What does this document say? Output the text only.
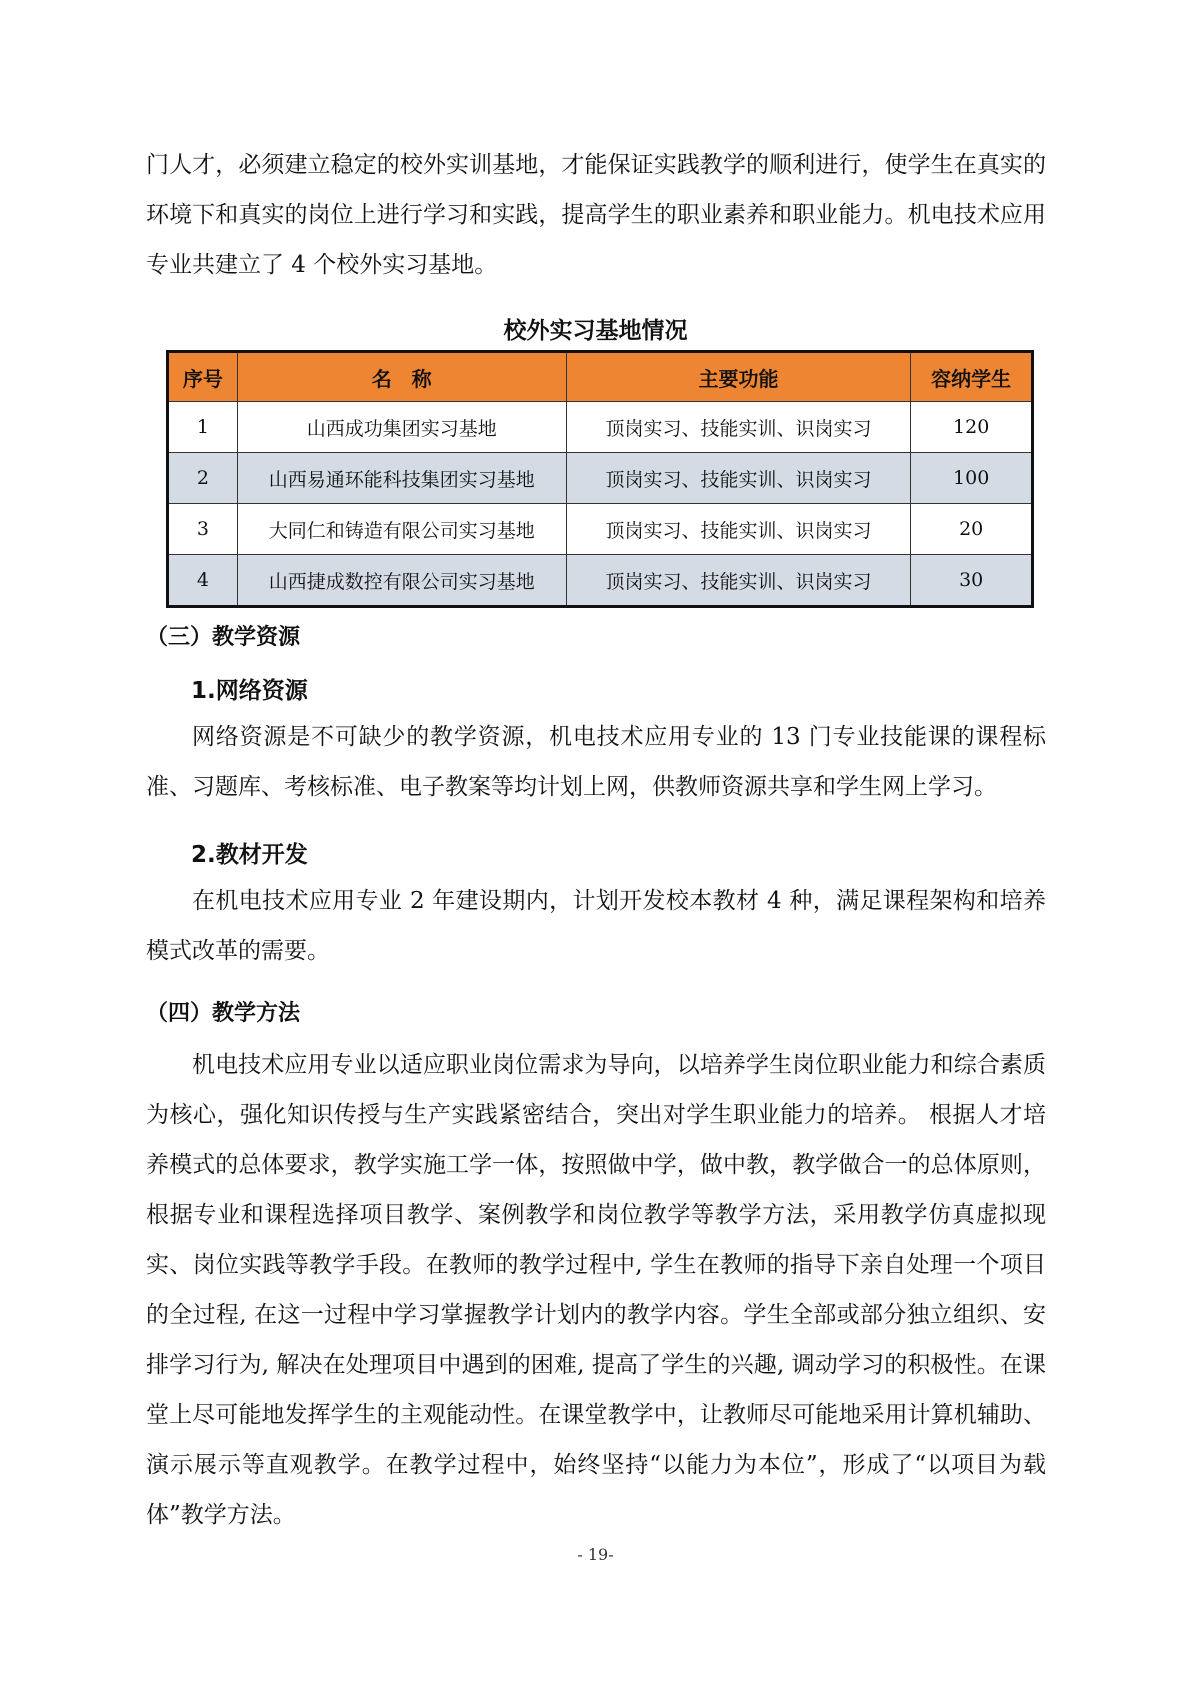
门人才，必须建立稳定的校外实训基地，才能保证实践教学的顺利进行，使学生在真实的环境下和真实的岗位上进行学习和实践，提高学生的职业素养和职业能力。机电技术应用专业共建立了 4 个校外实习基地。

校外实习基地情况
序号	名　称	主要功能	容纳学生
1	山西成功集团实习基地	顶岗实习、技能实训、识岗实习	120
2	山西易通环能科技集团实习基地	顶岗实习、技能实训、识岗实习	100
3	大同仁和铸造有限公司实习基地	顶岗实习、技能实训、识岗实习	20
4	山西捷成数控有限公司实习基地	顶岗实习、技能实训、识岗实习	30
（三）教学资源
1.网络资源

网络资源是不可缺少的教学资源，机电技术应用专业的 13 门专业技能课的课程标准、习题库、考核标准、电子教案等均计划上网，供教师资源共享和学生网上学习。

2.教材开发

在机电技术应用专业 2 年建设期内，计划开发校本教材 4 种，满足课程架构和培养模式改革的需要。

（四）教学方法

机电技术应用专业以适应职业岗位需求为导向，以培养学生岗位职业能力和综合素质为核心，强化知识传授与生产实践紧密结合，突出对学生职业能力的培养。 根据人才培养模式的总体要求，教学实施工学一体，按照做中学，做中教，教学做合一的总体原则，根据专业和课程选择项目教学、案例教学和岗位教学等教学方法，采用教学仿真虚拟现实、岗位实践等教学手段。在教师的教学过程中, 学生在教师的指导下亲自处理一个项目的全过程, 在这一过程中学习掌握教学计划内的教学内容。学生全部或部分独立组织、安排学习行为, 解决在处理项目中遇到的困难, 提高了学生的兴趣, 调动学习的积极性。在课堂上尽可能地发挥学生的主观能动性。在课堂教学中，让教师尽可能地采用计算机辅助、演示展示等直观教学。在教学过程中，始终坚持“以能力为本位”，形成了“以项目为载体”教学方法。

- 19-
